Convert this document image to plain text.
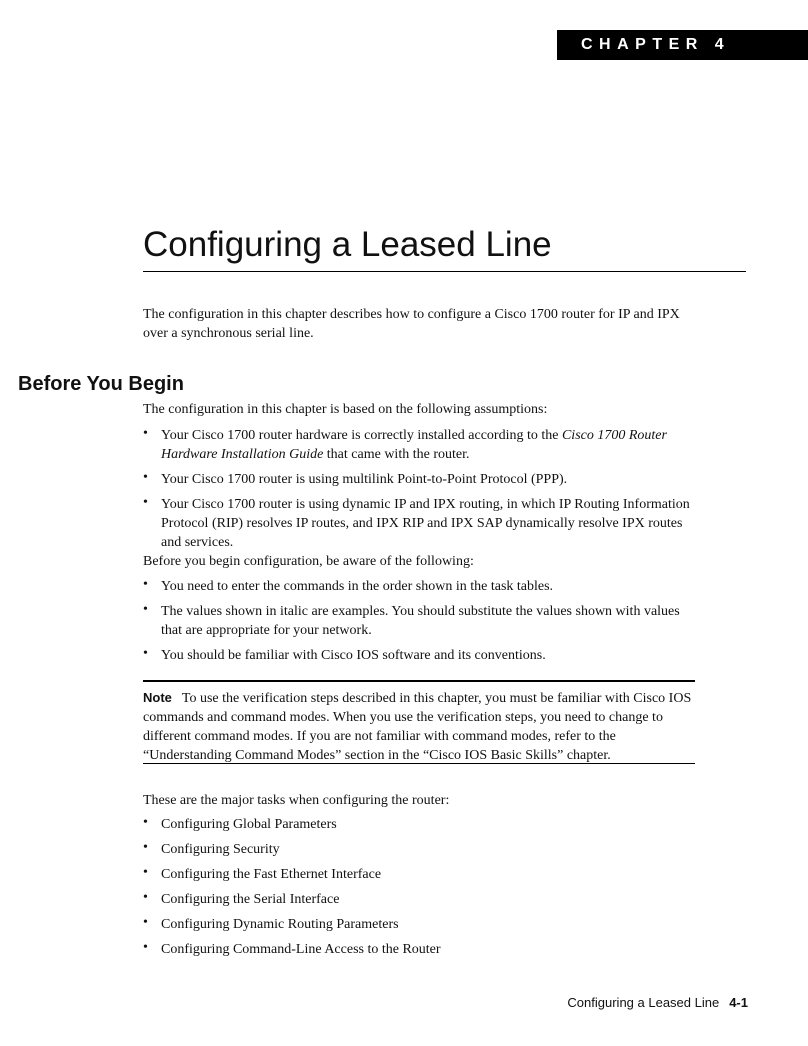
CHAPTER 4
Configuring a Leased Line

The configuration in this chapter describes how to configure a Cisco 1700 router for IP and IPX over a synchronous serial line.

Before You Begin

The configuration in this chapter is based on the following assumptions:

• Your Cisco 1700 router hardware is correctly installed according to the Cisco 1700 Router Hardware Installation Guide that came with the router.
• Your Cisco 1700 router is using multilink Point-to-Point Protocol (PPP).
• Your Cisco 1700 router is using dynamic IP and IPX routing, in which IP Routing Information Protocol (RIP) resolves IP routes, and IPX RIP and IPX SAP dynamically resolve IPX routes and services.

Before you begin configuration, be aware of the following:

• You need to enter the commands in the order shown in the task tables.
• The values shown in italic are examples. You should substitute the values shown with values that are appropriate for your network.
• You should be familiar with Cisco IOS software and its conventions.

Note To use the verification steps described in this chapter, you must be familiar with Cisco IOS commands and command modes. When you use the verification steps, you need to change to different command modes. If you are not familiar with command modes, refer to the “Understanding Command Modes” section in the “Cisco IOS Basic Skills” chapter.

These are the major tasks when configuring the router:

• Configuring Global Parameters
• Configuring Security
• Configuring the Fast Ethernet Interface
• Configuring the Serial Interface
• Configuring Dynamic Routing Parameters
• Configuring Command-Line Access to the Router
Configuring a Leased Line 4-1
